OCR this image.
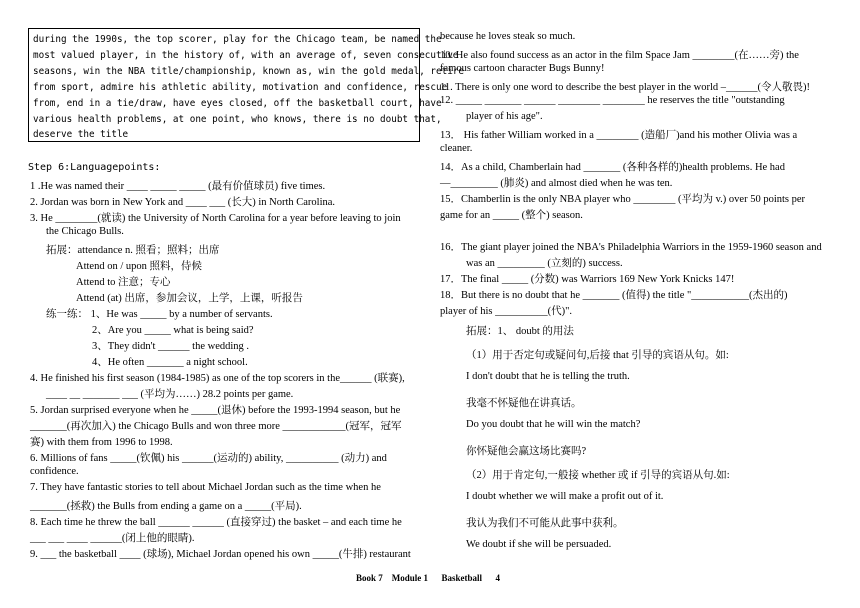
during the 1990s, the top scorer, play for the Chicago team, be named the
most valued player, in the history of, with an average of, seven consecutive
seasons, win the NBA title/championship, known as, win the gold medal, retire
from sport, admire his athletic ability, motivation and confidence, rescue
from, end in a tie/draw, have eyes closed, off the basketball court, have
various health problems, at one point, who knows, there is no doubt that,
deserve the title
Step 6:Languagepoints:
1 .He was named their ____ _____ _____ (最有价值球员) five times.
2. Jordan was born in New York and ____ ___ (长大) in North Carolina.
3. He ________(就读) the University of North Carolina for a year before leaving to join
the Chicago Bulls.
拓展：attendance n. 照看；照料；出席
Attend on / upon 照料，侍候
Attend to 注意；专心
Attend (at) 出席，参加会议，上学，上课，听报告
练一练： 1、He was _____ by a number of servants.
2、Are you _____ what is being said?
3、They didn't ______ the wedding .
4、He often _______ a night school.
4. He finished his first season (1984-1985) as one of the top scorers in the______ (联赛),
____ __ _______ ___ (平均为……) 28.2 points per game.
5. Jordan surprised everyone when he _____(退休) before the 1993-1994 season, but he
_______(再次加入) the Chicago Bulls and won three more ____________(冠军，冠军
赛) with them from 1996 to 1998.
6. Millions of fans _____(钦佩) his ______(运动的) ability, __________ (动力) and
confidence.
7. They have fantastic stories to tell about Michael Jordan such as the time when he
_______(拯救) the Bulls from ending a game on a _____(平局).
8. Each time he threw the ball ______ ______ (直接穿过) the basket – and each time he
___ ___ ____ ______(闭上他的眼睛).
9. ___ the basketball ____ (球场), Michael Jordan opened his own _____(牛排) restaurant
because he loves steak so much.
10. He also found success as an actor in the film Space Jam ________(在……旁) the
famous cartoon character Bugs Bunny!
11. There is only one word to describe the best player in the world –______(令人敬畏)!
12. _____ _______ ______ ________ ________ he reserves the title "outstanding
player of his age".
13． His father William worked in a ________ (造船厂)and his mother Olivia was a
cleaner.
14．As a child, Chamberlain had _______ (各种各样的)health problems. He had
—_________ (肺炎) and almost died when he was ten.
15．Chamberlin is the only NBA player who ________ (平均为 v.) over 50 points per
game for an _____ (整个) season.
16．The giant player joined the NBA's Philadelphia Warriors in the 1959-1960 season and
was an _________ (立刻的) success.
17．The final _____ (分数) was Warriors 169 New York Knicks 147!
18．But there is no doubt that he _______ (值得) the title "___________(杰出的)
player of his __________(代)".
拓展：1、 doubt 的用法
（1）用于否定句或疑问句,后接 that 引导的宾语从句。如:
I don't doubt that he is telling the truth.
我毫不怀疑他在讲真话。
Do you doubt that he will win the match?
你怀疑他会赢这场比赛吗?
（2）用于肯定句,一般接 whether 或 if 引导的宾语从句.如:
I doubt whether we will make a profit out of it.
我认为我们不可能从此事中获利。
We doubt if she will be persuaded.
Book 7    Module 1      Basketball      4
